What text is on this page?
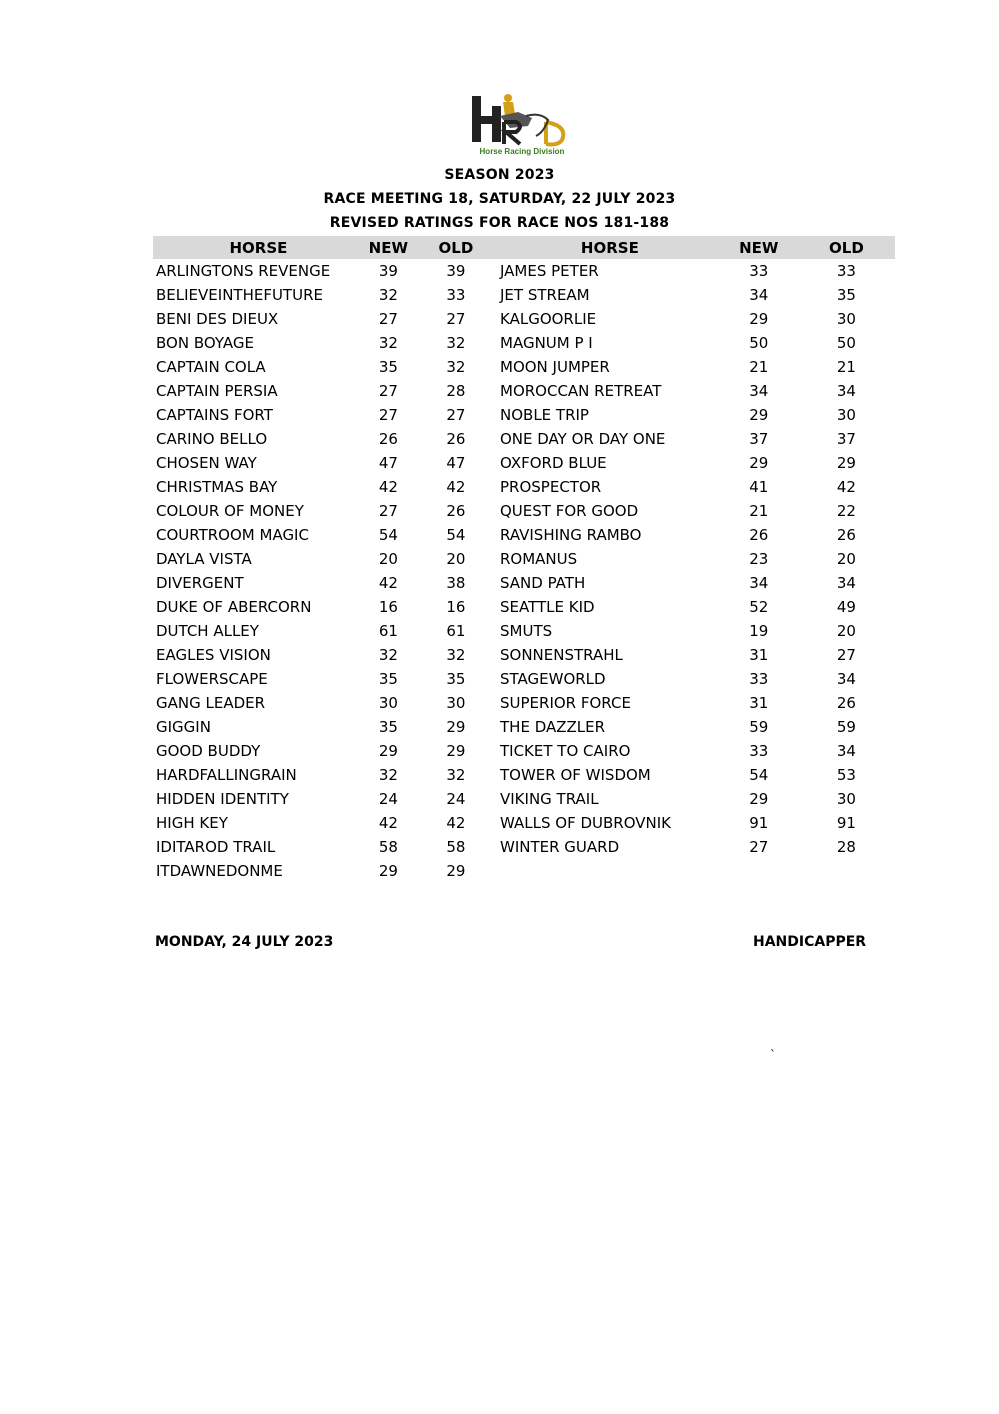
Horse Racing Division
SEASON 2023
RACE MEETING 18, SATURDAY, 22 JULY 2023
REVISED RATINGS FOR RACE NOS 181-188
HORSE	NEW	OLD	HORSE	NEW	OLD
ARLINGTONS REVENGE	39	39	JAMES PETER	33	33
BELIEVEINTHEFUTURE	32	33	JET STREAM	34	35
BENI DES DIEUX	27	27	KALGOORLIE	29	30
BON BOYAGE	32	32	MAGNUM P I	50	50
CAPTAIN COLA	35	32	MOON JUMPER	21	21
CAPTAIN PERSIA	27	28	MOROCCAN RETREAT	34	34
CAPTAINS FORT	27	27	NOBLE TRIP	29	30
CARINO BELLO	26	26	ONE DAY OR DAY ONE	37	37
CHOSEN WAY	47	47	OXFORD BLUE	29	29
CHRISTMAS BAY	42	42	PROSPECTOR	41	42
COLOUR OF MONEY	27	26	QUEST FOR GOOD	21	22
COURTROOM MAGIC	54	54	RAVISHING RAMBO	26	26
DAYLA VISTA	20	20	ROMANUS	23	20
DIVERGENT	42	38	SAND PATH	34	34
DUKE OF ABERCORN	16	16	SEATTLE KID	52	49
DUTCH ALLEY	61	61	SMUTS	19	20
EAGLES VISION	32	32	SONNENSTRAHL	31	27
FLOWERSCAPE	35	35	STAGEWORLD	33	34
GANG LEADER	30	30	SUPERIOR FORCE	31	26
GIGGIN	35	29	THE DAZZLER	59	59
GOOD BUDDY	29	29	TICKET TO CAIRO	33	34
HARDFALLINGRAIN	32	32	TOWER OF WISDOM	54	53
HIDDEN IDENTITY	24	24	VIKING TRAIL	29	30
HIGH KEY	42	42	WALLS OF DUBROVNIK	91	91
IDITAROD TRAIL	58	58	WINTER GUARD	27	28
ITDAWNEDONME	29	29			
MONDAY, 24 JULY 2023	HANDICAPPER
`
